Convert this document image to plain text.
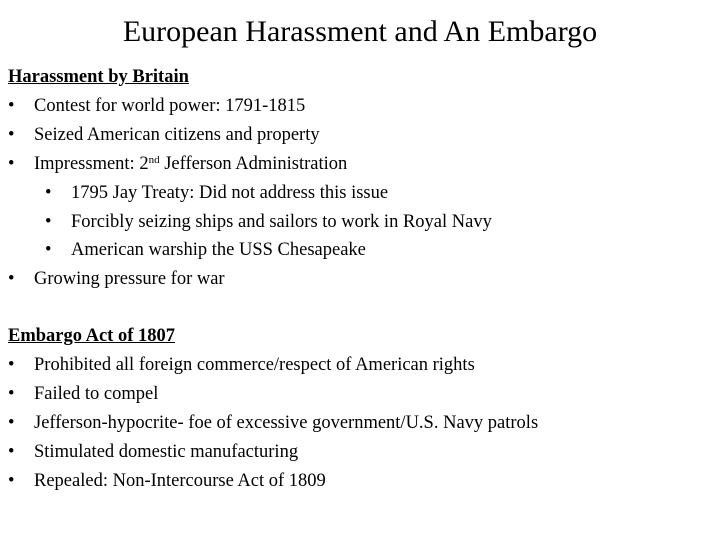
European Harassment and An Embargo
Harassment by Britain
• Contest for world power: 1791-1815
• Seized American citizens and property
• Impressment: 2nd Jefferson Administration
• 1795 Jay Treaty: Did not address this issue
• Forcibly seizing ships and sailors to work in Royal Navy
• American warship the USS Chesapeake
• Growing pressure for war
Embargo Act of 1807
• Prohibited all foreign commerce/respect of American rights
• Failed to compel
• Jefferson-hypocrite- foe of excessive government/U.S. Navy patrols
• Stimulated domestic manufacturing
• Repealed: Non-Intercourse Act of 1809
